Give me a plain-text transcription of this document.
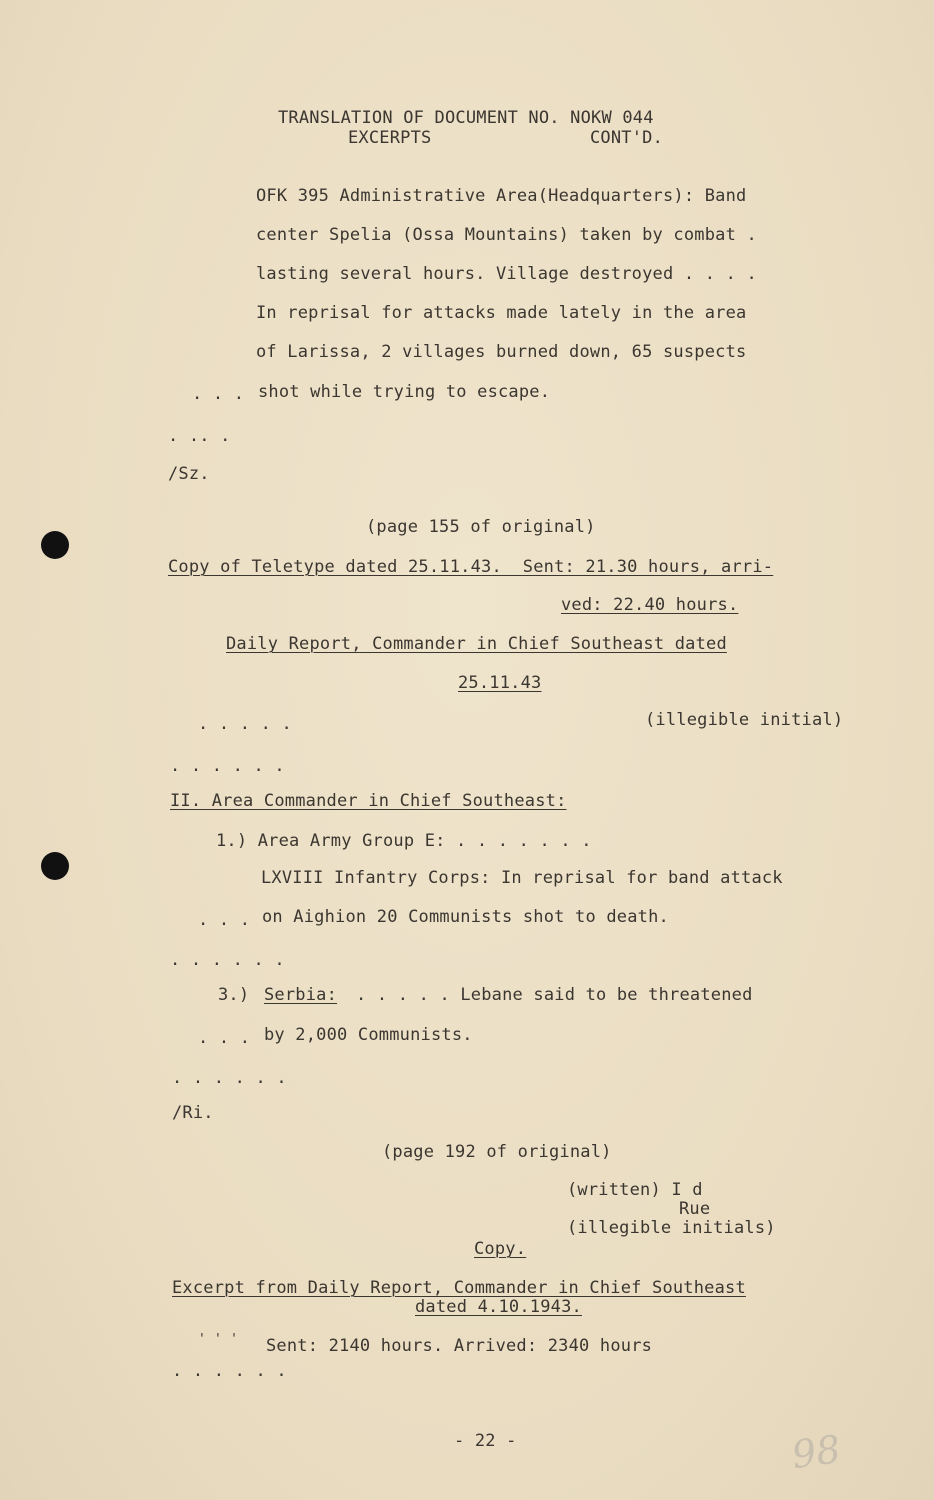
TRANSLATION OF DOCUMENT NO. NOKW 044
EXCERPTS	CONT'D.
OFK 395 Administrative Area(Headquarters): Band
center Spelia (Ossa Mountains) taken by combat .
lasting several hours. Village destroyed . . . .
In reprisal for attacks made lately in the area
of Larissa, 2 villages burned down, 65 suspects
. . . shot while trying to escape.
. .. .
/Sz.
(page 155 of original)
Copy of Teletype dated 25.11.43.  Sent: 21.30 hours, arri-
ved: 22.40 hours.
Daily Report, Commander in Chief Southeast dated
25.11.43
. . . . .	(illegible initial)
. . . . . .
II. Area Commander in Chief Southeast:
1.) Area Army Group E: . . . . . . .
LXVIII Infantry Corps: In reprisal for band attack
. . . on Aighion 20 Communists shot to death.
. . . . . .
3.) Serbia: . . . . . Lebane said to be threatened
. . . by 2,000 Communists.
. . . . . .
/Ri.
(page 192 of original)
(written) I d
Rue
(illegible initials)
Copy.
Excerpt from Daily Report, Commander in Chief Southeast
dated 4.10.1943.
' ' ' Sent: 2140 hours. Arrived: 2340 hours
. . . . . .
- 22 -	98
